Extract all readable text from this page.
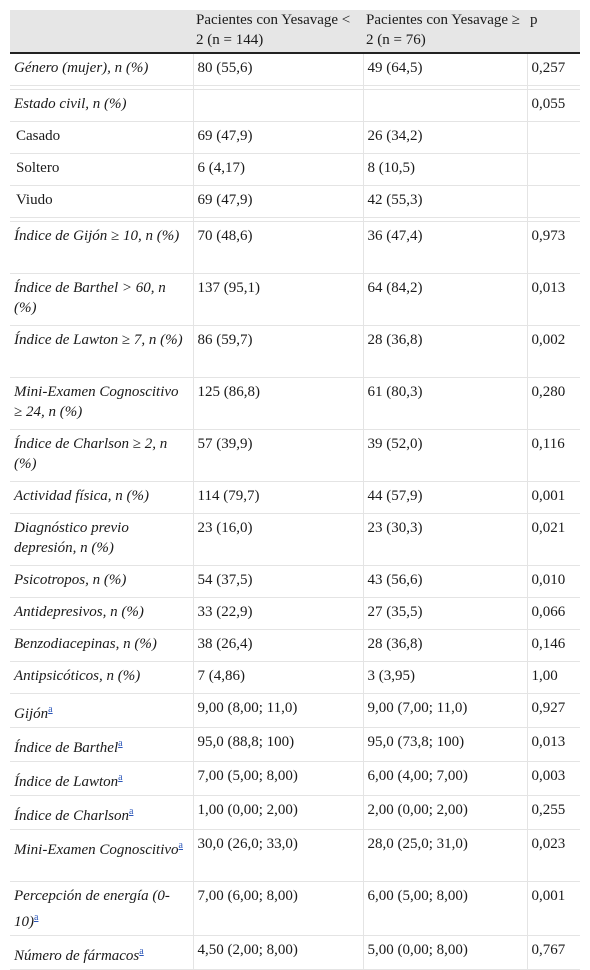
	Pacientes con Yesavage < 2 (n = 144)	Pacientes con Yesavage ≥ 2 (n = 76)	p
Género (mujer), n (%)	80 (55,6)	49 (64,5)	0,257

Estado civil, n (%)			0,055
Casado	69 (47,9)	26 (34,2)	
Soltero	6 (4,17)	8 (10,5)	
Viudo	69 (47,9)	42 (55,3)	

Índice de Gijón ≥ 10, n (%)	70 (48,6)	36 (47,4)	0,973
Índice de Barthel > 60, n (%)	137 (95,1)	64 (84,2)	0,013
Índice de Lawton ≥ 7, n (%)	86 (59,7)	28 (36,8)	0,002
Mini-Examen Cognoscitivo ≥ 24, n (%)	125 (86,8)	61 (80,3)	0,280
Índice de Charlson ≥ 2, n (%)	57 (39,9)	39 (52,0)	0,116
Actividad física, n (%)	114 (79,7)	44 (57,9)	0,001
Diagnóstico previo depresión, n (%)	23 (16,0)	23 (30,3)	0,021
Psicotropos, n (%)	54 (37,5)	43 (56,6)	0,010
Antidepresivos, n (%)	33 (22,9)	27 (35,5)	0,066
Benzodiacepinas, n (%)	38 (26,4)	28 (36,8)	0,146
Antipsicóticos, n (%)	7 (4,86)	3 (3,95)	1,00
Gijón$^a$	9,00 (8,00; 11,0)	9,00 (7,00; 11,0)	0,927
Índice de Barthel$^a$	95,0 (88,8; 100)	95,0 (73,8; 100)	0,013
Índice de Lawton$^a$	7,00 (5,00; 8,00)	6,00 (4,00; 7,00)	0,003
Índice de Charlson$^a$	1,00 (0,00; 2,00)	2,00 (0,00; 2,00)	0,255
Mini-Examen Cognoscitivo$^a$	30,0 (26,0; 33,0)	28,0 (25,0; 31,0)	0,023
Percepción de energía $(0-10)^a$	7,00 (6,00; 8,00)	6,00 (5,00; 8,00)	0,001
Número de fármacos$^a$	4,50 (2,00; 8,00)	5,00 (0,00; 8,00)	0,767
